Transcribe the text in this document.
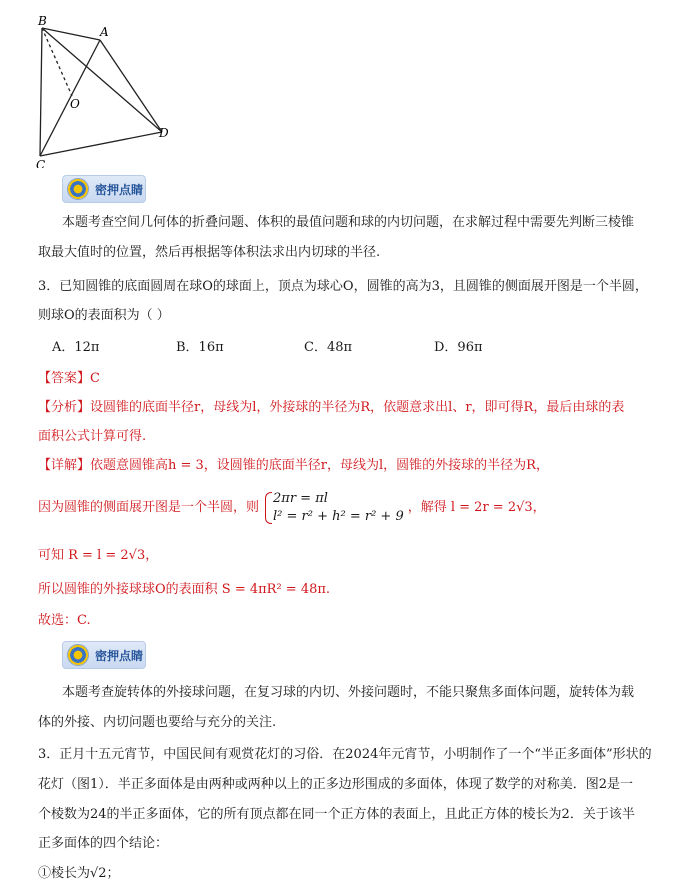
B
A
O
D
C
密押点睛
本题考查空间几何体的折叠问题、体积的最值问题和球的内切问题，在求解过程中需要先判断三棱锥
取最大值时的位置，然后再根据等体积法求出内切球的半径.
3．已知圆锥的底面圆周在球O的球面上，顶点为球心O，圆锥的高为3，且圆锥的侧面展开图是一个半圆，
则球O的表面积为（ ）
A．12π	B．16π	C．48π	D．96π
【答案】C
【分析】设圆锥的底面半径r，母线为l，外接球的半径为R，依题意求出l、r，即可得R，最后由球的表
面积公式计算可得.
【详解】依题意圆锥高h = 3，设圆锥的底面半径r，母线为l，圆锥的外接球的半径为R，
因为圆锥的侧面展开图是一个半圆，则
2πr = πl
l² = r² + h² = r² + 9
，解得 l = 2r = 2√3，
可知 R = l = 2√3，
所以圆锥的外接球球O的表面积 S = 4πR² = 48π.
故选：C.
密押点睛
本题考查旋转体的外接球问题，在复习球的内切、外接问题时，不能只聚焦多面体问题，旋转体为载
体的外接、内切问题也要给与充分的关注.
3．正月十五元宵节，中国民间有观赏花灯的习俗．在2024年元宵节，小明制作了一个“半正多面体”形状的
花灯（图1）．半正多面体是由两种或两种以上的正多边形围成的多面体，体现了数学的对称美．图2是一
个棱数为24的半正多面体，它的所有顶点都在同一个正方体的表面上，且此正方体的棱长为2．关于该半
正多面体的四个结论：
①棱长为√2；
